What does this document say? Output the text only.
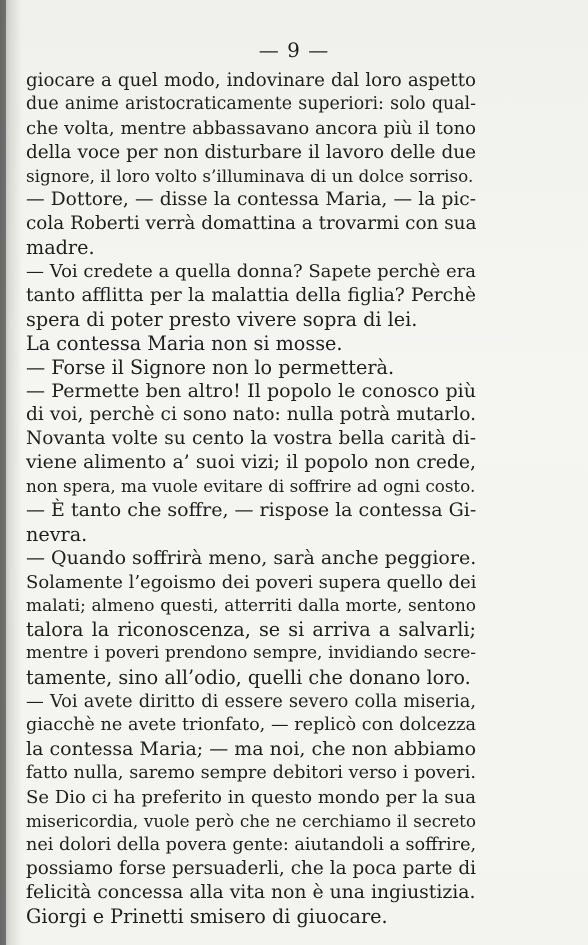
— 9 —
giocare a quel modo, indovinare dal loro aspetto
due anime aristocraticamente superiori: solo qual-
che volta, mentre abbassavano ancora più il tono
della voce per non disturbare il lavoro delle due
signore, il loro volto s’illuminava di un dolce sorriso.
— Dottore, — disse la contessa Maria, — la pic-
cola Roberti verrà domattina a trovarmi con sua
madre.
— Voi credete a quella donna? Sapete perchè era
tanto afflitta per la malattia della figlia? Perchè
spera di poter presto vivere sopra di lei.
La contessa Maria non si mosse.
— Forse il Signore non lo permetterà.
— Permette ben altro! Il popolo le conosco più
di voi, perchè ci sono nato: nulla potrà mutarlo.
Novanta volte su cento la vostra bella carità di-
viene alimento a’ suoi vizi; il popolo non crede,
non spera, ma vuole evitare di soffrire ad ogni costo.
— È tanto che soffre, — rispose la contessa Gi-
nevra.
— Quando soffrirà meno, sarà anche peggiore.
Solamente l’egoismo dei poveri supera quello dei
malati; almeno questi, atterriti dalla morte, sentono
talora la riconoscenza, se si arriva a salvarli;
mentre i poveri prendono sempre, invidiando secre-
tamente, sino all’odio, quelli che donano loro.
— Voi avete diritto di essere severo colla miseria,
giacchè ne avete trionfato, — replicò con dolcezza
la contessa Maria; — ma noi, che non abbiamo
fatto nulla, saremo sempre debitori verso i poveri.
Se Dio ci ha preferito in questo mondo per la sua
misericordia, vuole però che ne cerchiamo il secreto
nei dolori della povera gente: aiutandoli a soffrire,
possiamo forse persuaderli, che la poca parte di
felicità concessa alla vita non è una ingiustizia.
Giorgi e Prinetti smisero di giuocare.
